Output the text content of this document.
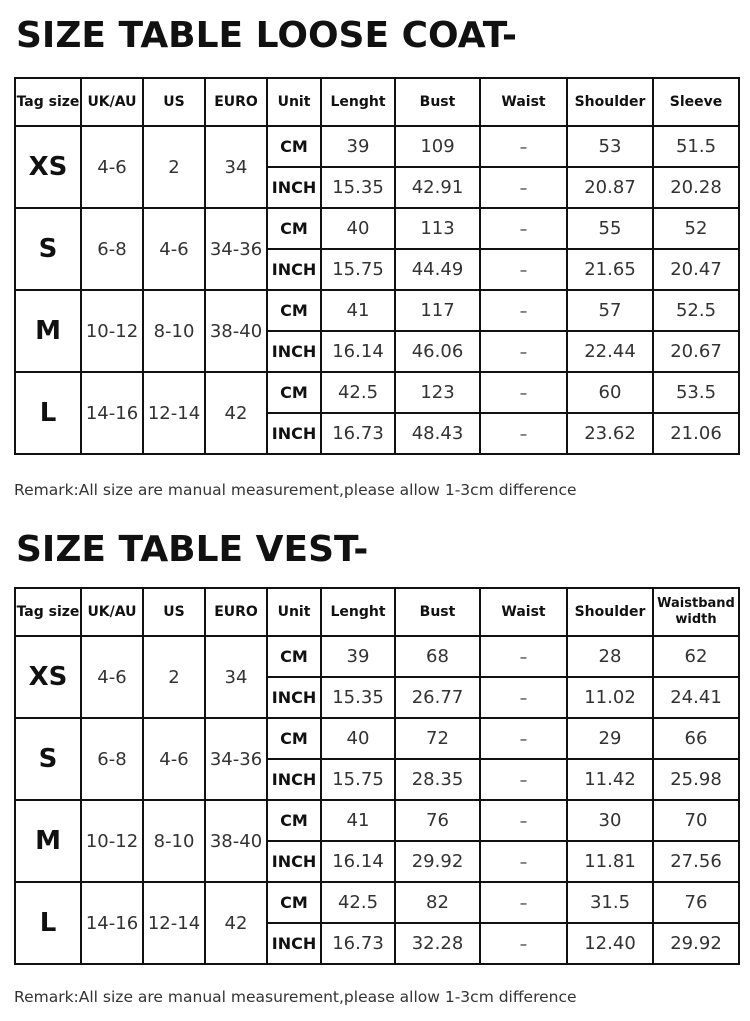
SIZE TABLE LOOSE COAT-
Tag size	UK/AU	US	EURO	Unit	Lenght	Bust	Waist	Shoulder	Sleeve
XS	4-6	2	34	CM	39	109	–	53	51.5
				INCH	15.35	42.91	–	20.87	20.28
S	6-8	4-6	34-36	CM	40	113	–	55	52
				INCH	15.75	44.49	–	21.65	20.47
M	10-12	8-10	38-40	CM	41	117	–	57	52.5
				INCH	16.14	46.06	–	22.44	20.67
L	14-16	12-14	42	CM	42.5	123	–	60	53.5
				INCH	16.73	48.43	–	23.62	21.06

Remark:All size are manual measurement,please allow 1-3cm difference

SIZE TABLE VEST-
Tag size	UK/AU	US	EURO	Unit	Lenght	Bust	Waist	Shoulder	Waistband width
XS	4-6	2	34	CM	39	68	–	28	62
				INCH	15.35	26.77	–	11.02	24.41
S	6-8	4-6	34-36	CM	40	72	–	29	66
				INCH	15.75	28.35	–	11.42	25.98
M	10-12	8-10	38-40	CM	41	76	–	30	70
				INCH	16.14	29.92	–	11.81	27.56
L	14-16	12-14	42	CM	42.5	82	–	31.5	76
				INCH	16.73	32.28	–	12.40	29.92

Remark:All size are manual measurement,please allow 1-3cm difference
